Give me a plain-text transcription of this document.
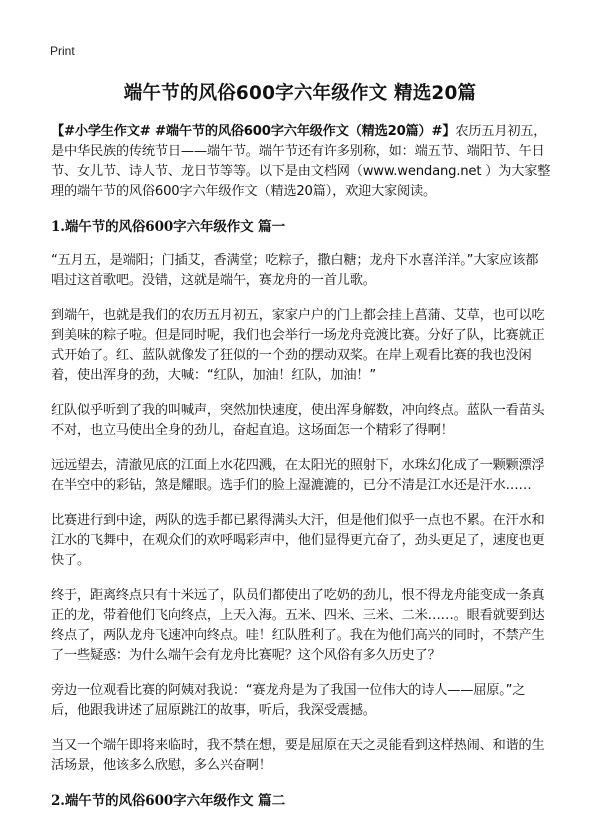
Print
端午节的风俗600字六年级作文 精选20篇

【#小学生作文# #端午节的风俗600字六年级作文（精选20篇）#】农历五月初五，是中华民族的传统节日——端午节。端午节还有许多别称，如：端五节、端阳节、午日节、女儿节、诗人节、龙日节等等。以下是由文档网（www.wendang.net ）为大家整理的端午节的风俗600字六年级作文（精选20篇），欢迎大家阅读。

1.端午节的风俗600字六年级作文 篇一

“五月五，是端阳；门插艾，香满堂；吃粽子，撒白糖；龙舟下水喜洋洋。”大家应该都唱过这首歌吧。没错，这就是端午，赛龙舟的一首儿歌。

到端午，也就是我们的农历五月初五，家家户户的门上都会挂上菖蒲、艾草，也可以吃到美味的粽子啦。但是同时呢，我们也会举行一场龙舟竞渡比赛。分好了队，比赛就正式开始了。红、蓝队就像发了狂似的一个劲的摆动双桨。在岸上观看比赛的我也没闲着，使出浑身的劲，大喊：“红队，加油！红队，加油！”

红队似乎听到了我的叫喊声，突然加快速度，使出浑身解数，冲向终点。蓝队一看苗头不对，也立马使出全身的劲儿，奋起直追。这场面怎一个精彩了得啊！

远远望去，清澈见底的江面上水花四溅，在太阳光的照射下，水珠幻化成了一颗颗漂浮在半空中的彩钻，煞是耀眼。选手们的脸上湿漉漉的，已分不清是江水还是汗水……

比赛进行到中途，两队的选手都已累得满头大汗，但是他们似乎一点也不累。在汗水和江水的飞舞中，在观众们的欢呼喝彩声中，他们显得更亢奋了，劲头更足了，速度也更快了。

终于，距离终点只有十米远了，队员们都使出了吃奶的劲儿，恨不得龙舟能变成一条真正的龙，带着他们飞向终点，上天入海。五米、四米、三米、二米……。眼看就要到达终点了，两队龙舟飞速冲向终点。哇！红队胜利了。我在为他们高兴的同时，不禁产生了一些疑惑：为什么端午会有龙舟比赛呢？这个风俗有多久历史了？

旁边一位观看比赛的阿姨对我说：“赛龙舟是为了我国一位伟大的诗人——屈原。”之后，他跟我讲述了屈原跳江的故事，听后，我深受震撼。

当又一个端午即将来临时，我不禁在想，要是屈原在天之灵能看到这样热闹、和谐的生活场景，他该多么欣慰，多么兴奋啊！

2.端午节的风俗600字六年级作文 篇二
